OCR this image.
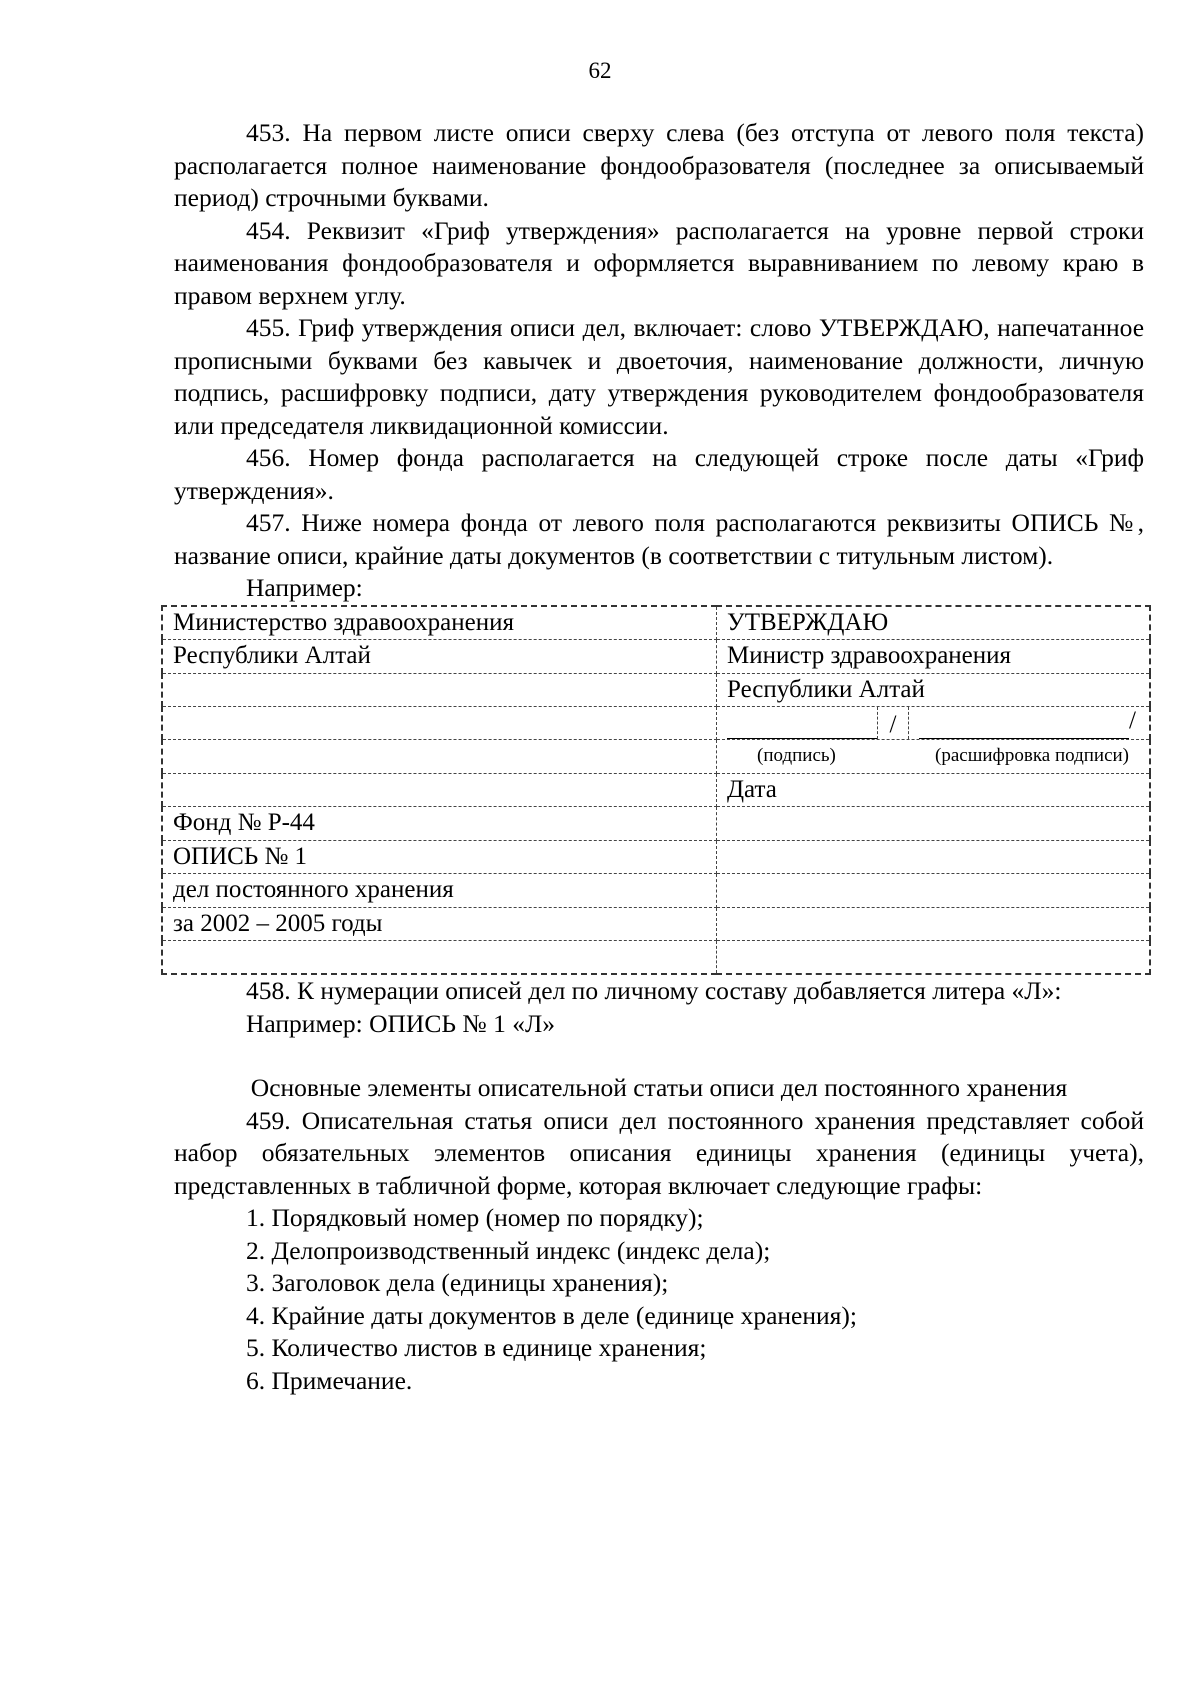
62

453. На первом листе описи сверху слева (без отступа от левого поля текста) располагается полное наименование фондообразователя (последнее за описываемый период) строчными буквами.

454. Реквизит «Гриф утверждения» располагается на уровне первой строки наименования фондообразователя и оформляется выравниванием по левому краю в правом верхнем углу.

455. Гриф утверждения описи дел, включает: слово УТВЕРЖДАЮ, напечатанное прописными буквами без кавычек и двоеточия, наименование должности, личную подпись, расшифровку подписи, дату утверждения руководителем фондообразователя или председателя ликвидационной комиссии.

456. Номер фонда располагается на следующей строке после даты «Гриф утверждения».

457. Ниже номера фонда от левого поля располагаются реквизиты ОПИСЬ №, название описи, крайние даты документов (в соответствии с титульным листом).

Например:
Министерство здравоохранения	УТВЕРЖДАЮ
Республики Алтай	Министр здравоохранения
	Республики Алтай

	/ /

	(подпись) (расшифровка подписи)

	Дата
Фонд № Р-44	
ОПИСЬ № 1	
дел постоянного хранения	
за 2002 – 2005 годы	

458. К нумерации описей дел по личному составу добавляется литера «Л»:

Например: ОПИСЬ № 1 «Л»

Основные элементы описательной статьи описи дел постоянного хранения

459. Описательная статья описи дел постоянного хранения представляет собой набор обязательных элементов описания единицы хранения (единицы учета), представленных в табличной форме, которая включает следующие графы:

1. Порядковый номер (номер по порядку);
2. Делопроизводственный индекс (индекс дела);
3. Заголовок дела (единицы хранения);
4. Крайние даты документов в деле (единице хранения);
5. Количество листов в единице хранения;
6. Примечание.
